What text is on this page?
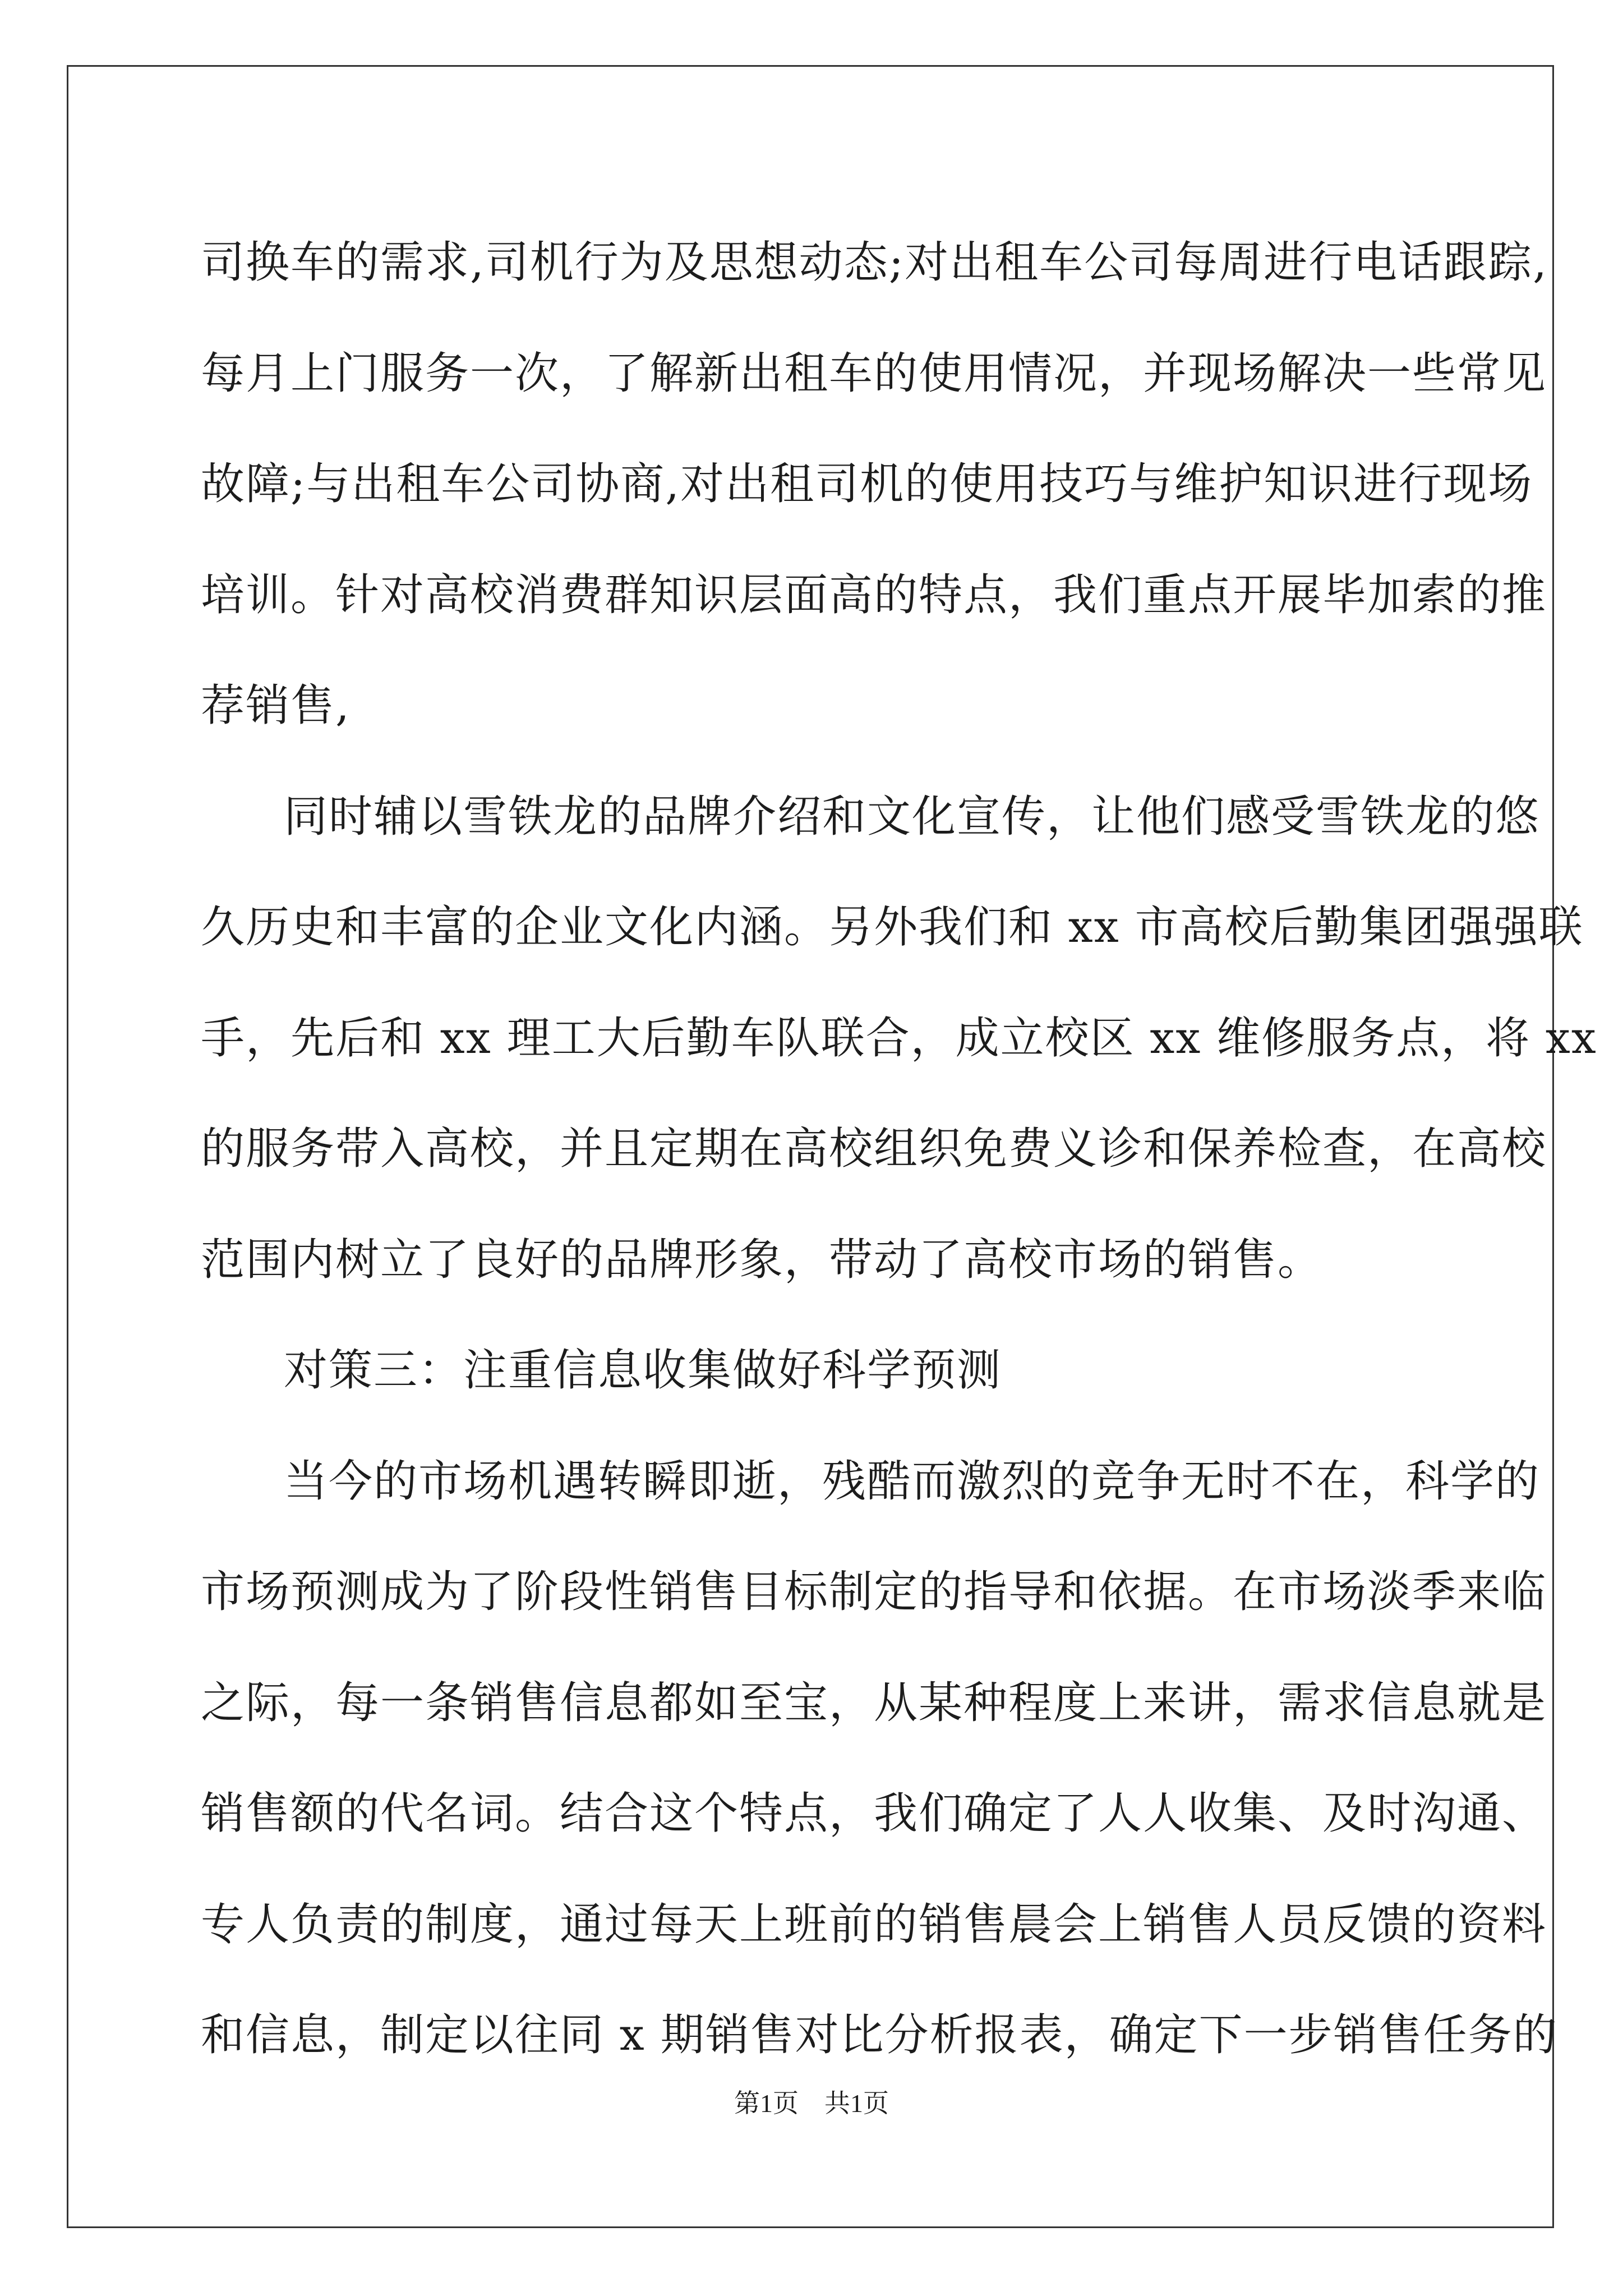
司换车的需求,司机行为及思想动态;对出租车公司每周进行电话跟踪,
每月上门服务一次，了解新出租车的使用情况，并现场解决一些常见
故障;与出租车公司协商,对出租司机的使用技巧与维护知识进行现场
培训。针对高校消费群知识层面高的特点，我们重点开展毕加索的推
荐销售,
同时辅以雪铁龙的品牌介绍和文化宣传，让他们感受雪铁龙的悠
久历史和丰富的企业文化内涵。另外我们和 xx 市高校后勤集团强强联
手，先后和 xx 理工大后勤车队联合，成立校区 xx 维修服务点，将 xx
的服务带入高校，并且定期在高校组织免费义诊和保养检查，在高校
范围内树立了良好的品牌形象，带动了高校市场的销售。
对策三：注重信息收集做好科学预测
当今的市场机遇转瞬即逝，残酷而激烈的竞争无时不在，科学的
市场预测成为了阶段性销售目标制定的指导和依据。在市场淡季来临
之际，每一条销售信息都如至宝，从某种程度上来讲，需求信息就是
销售额的代名词。结合这个特点，我们确定了人人收集、及时沟通、
专人负责的制度，通过每天上班前的销售晨会上销售人员反馈的资料
和信息，制定以往同 x 期销售对比分析报表，确定下一步销售任务的
第1页　共1页
